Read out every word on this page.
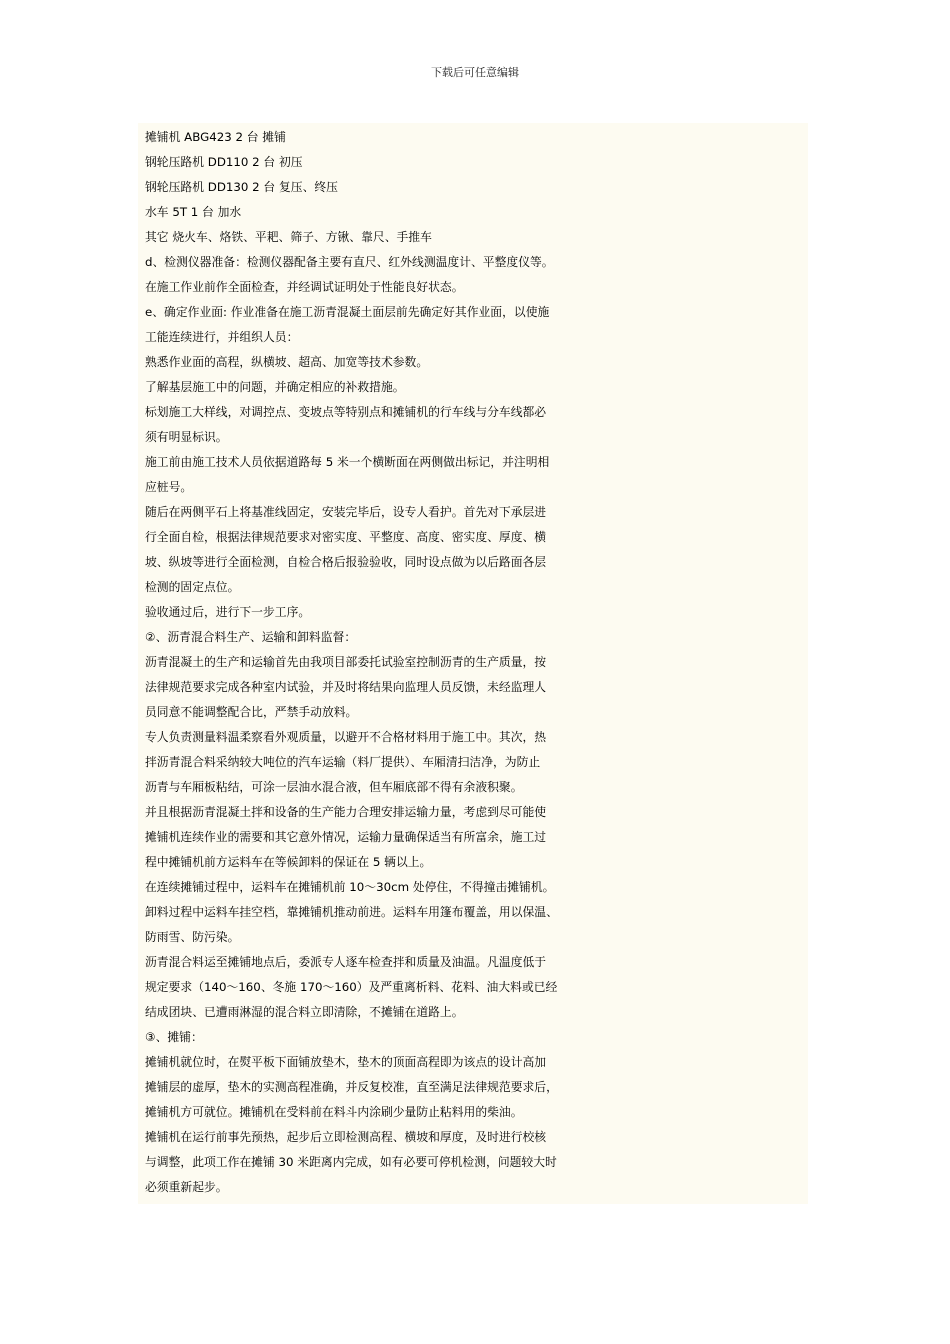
下载后可任意编辑
摊铺机 ABG423 2 台 摊铺
钢轮压路机 DD110 2 台 初压
钢轮压路机 DD130 2 台 复压、终压
水车 5T 1 台 加水
其它 烧火车、烙铁、平耙、筛子、方锹、靠尺、手推车
d、检测仪器准备：检测仪器配备主要有直尺、红外线测温度计、平整度仪等。
在施工作业前作全面检查，并经调试证明处于性能良好状态。
e、确定作业面: 作业准备在施工沥青混凝土面层前先确定好其作业面，以使施
工能连续进行，并组织人员：
熟悉作业面的高程，纵横坡、超高、加宽等技术参数。
了解基层施工中的问题，并确定相应的补救措施。
标划施工大样线，对调控点、变坡点等特别点和摊铺机的行车线与分车线都必
须有明显标识。
施工前由施工技术人员依据道路每 5 米一个横断面在两侧做出标记，并注明相
应桩号。
随后在两侧平石上将基准线固定，安装完毕后，设专人看护。首先对下承层进
行全面自检，根据法律规范要求对密实度、平整度、高度、密实度、厚度、横
坡、纵坡等进行全面检测，自检合格后报验验收，同时设点做为以后路面各层
检测的固定点位。
验收通过后，进行下一步工序。
②、沥青混合料生产、运输和卸料监督：
沥青混凝土的生产和运输首先由我项目部委托试验室控制沥青的生产质量，按
法律规范要求完成各种室内试验，并及时将结果向监理人员反馈，未经监理人
员同意不能调整配合比，严禁手动放料。
专人负责测量料温柔察看外观质量，以避开不合格材料用于施工中。其次，热
拌沥青混合料采纳较大吨位的汽车运输（料厂提供）、车厢清扫洁净，为防止
沥青与车厢板粘结，可涂一层油水混合液，但车厢底部不得有余液积聚。
并且根据沥青混凝土拌和设备的生产能力合理安排运输力量，考虑到尽可能使
摊铺机连续作业的需要和其它意外情况，运输力量确保适当有所富余，施工过
程中摊铺机前方运料车在等候卸料的保证在 5 辆以上。
在连续摊铺过程中，运料车在摊铺机前 10～30cm 处停住，不得撞击摊铺机。
卸料过程中运料车挂空档，靠摊铺机推动前进。运料车用篷布覆盖，用以保温、
防雨雪、防污染。
沥青混合料运至摊铺地点后，委派专人逐车检查拌和质量及油温。凡温度低于
规定要求（140～160、冬施 170～160）及严重离析料、花料、油大料或已经
结成团块、已遭雨淋湿的混合料立即清除，不摊铺在道路上。
③、摊铺：
摊铺机就位时，在熨平板下面铺放垫木，垫木的顶面高程即为该点的设计高加
摊铺层的虚厚，垫木的实测高程准确，并反复校准，直至满足法律规范要求后，
摊铺机方可就位。摊铺机在受料前在料斗内涂刷少量防止粘料用的柴油。
摊铺机在运行前事先预热，起步后立即检测高程、横坡和厚度，及时进行校核
与调整，此项工作在摊铺 30 米距离内完成，如有必要可停机检测，问题较大时
必须重新起步。
